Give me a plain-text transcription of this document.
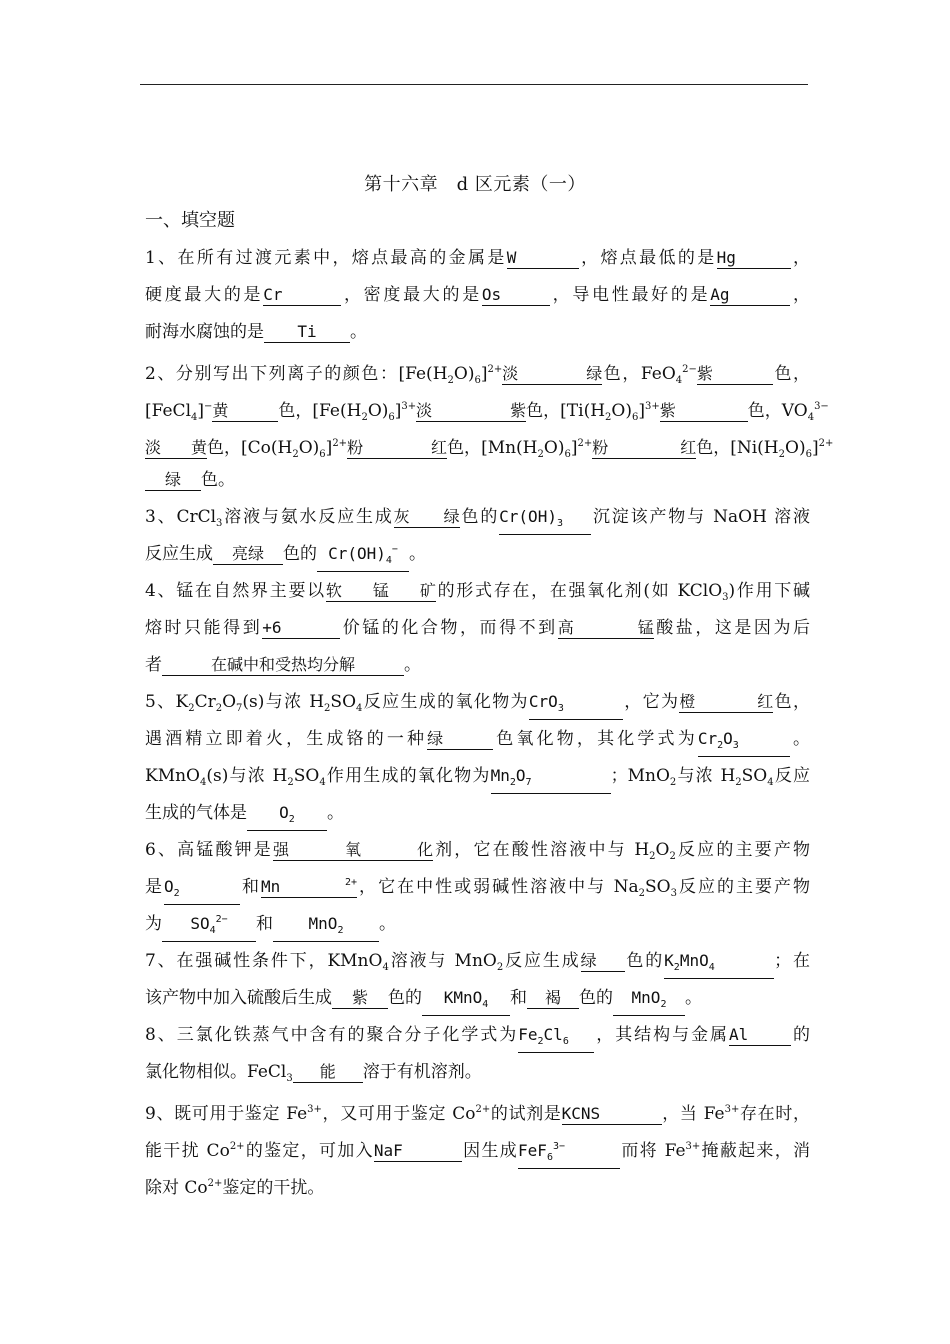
第十六章　d 区元素（一）
一、填空题
1、在所有过渡元素中，熔点最高的金属是W	，熔点最低的是Hg	，
硬度最大的是Cr	，密度最大的是Os	，导电性最好的是Ag	，
耐海水腐蚀的是 Ti 。
2、分别写出下列离子的颜色：$[Fe(H_2O)_6]^{2+}$淡绿色，FeO$_4^{2-}$紫	色，
[FeCl$_4$]−黄	色，$[Fe(H_2O)_6]^{3+}$淡紫色，$[Ti(H_2O)_6]^{3+}$紫	色，$VO_4^{3-}$
淡黄色，$[Co(H_2O)_6]^{2+}$粉红色，$[Mn(H_2O)_6]^{2+}$粉红色，$[Ni(H_2O)_6]^{2+}$
绿 色。
3、CrCl$_3$溶液与氨水反应生成灰绿色的$Cr(OH)_3$ 沉淀该产物与 NaOH 溶液
反应生成 亮绿 色的 $Cr(OH)_4^-$ 。
4、锰在自然界主要以软锰矿的形式存在，在强氧化剂(如 KClO$_3$)作用下碱
熔时只能得到+6	价锰的化合物，而得不到高锰酸盐，这是因为后
者	在碱中和受热均分解	。
5、$K_2Cr_2O_7(s)$与浓 $H_2SO_4$反应生成的氧化物为CrO$_3$	，它为橙红色，
遇酒精立即着火，生成铬的一种绿	色氧化物，其化学式为$Cr_2O_3$	。
KMnO$_4$(s)与浓 $H_2SO_4$作用生成的氧化物为$Mn_2O_7$	；MnO$_2$与浓 $H_2SO_4$反应
生成的气体是 $O_2$ 。
6、高锰酸钾是强氧化剂，它在酸性溶液中与 $H_2O_2$反应的主要产物
是$O_2$	和Mn	$^{2+}$，它在中性或弱碱性溶液中与 $Na_2SO_3$反应的主要产物
为 $SO_4^{2-}$ 和 MnO$_2$ 。
7、在强碱性条件下，KMnO$_4$溶液与 MnO$_2$反应生成绿 色的$K_2MnO_4$	；在
该产物中加入硫酸后生成 紫 色的 KMnO$_4$ 和 褐 色的 MnO$_2$ 。
8、三氯化铁蒸气中含有的聚合分子化学式为$Fe_2Cl_6$ ，其结构与金属Al	的
氯化物相似。FeCl$_3$ 能 溶于有机溶剂。
9、既可用于鉴定 $Fe^{3+}$，又可用于鉴定 $Co^{2+}$的试剂是KCNS	，当 $Fe^{3+}$存在时，
能干扰 $Co^{2+}$的鉴定，可加入NaF	因生成FeF$_6^{3-}$	而将 $Fe^{3+}$掩蔽起来，消
除对 $Co^{2+}$鉴定的干扰。
